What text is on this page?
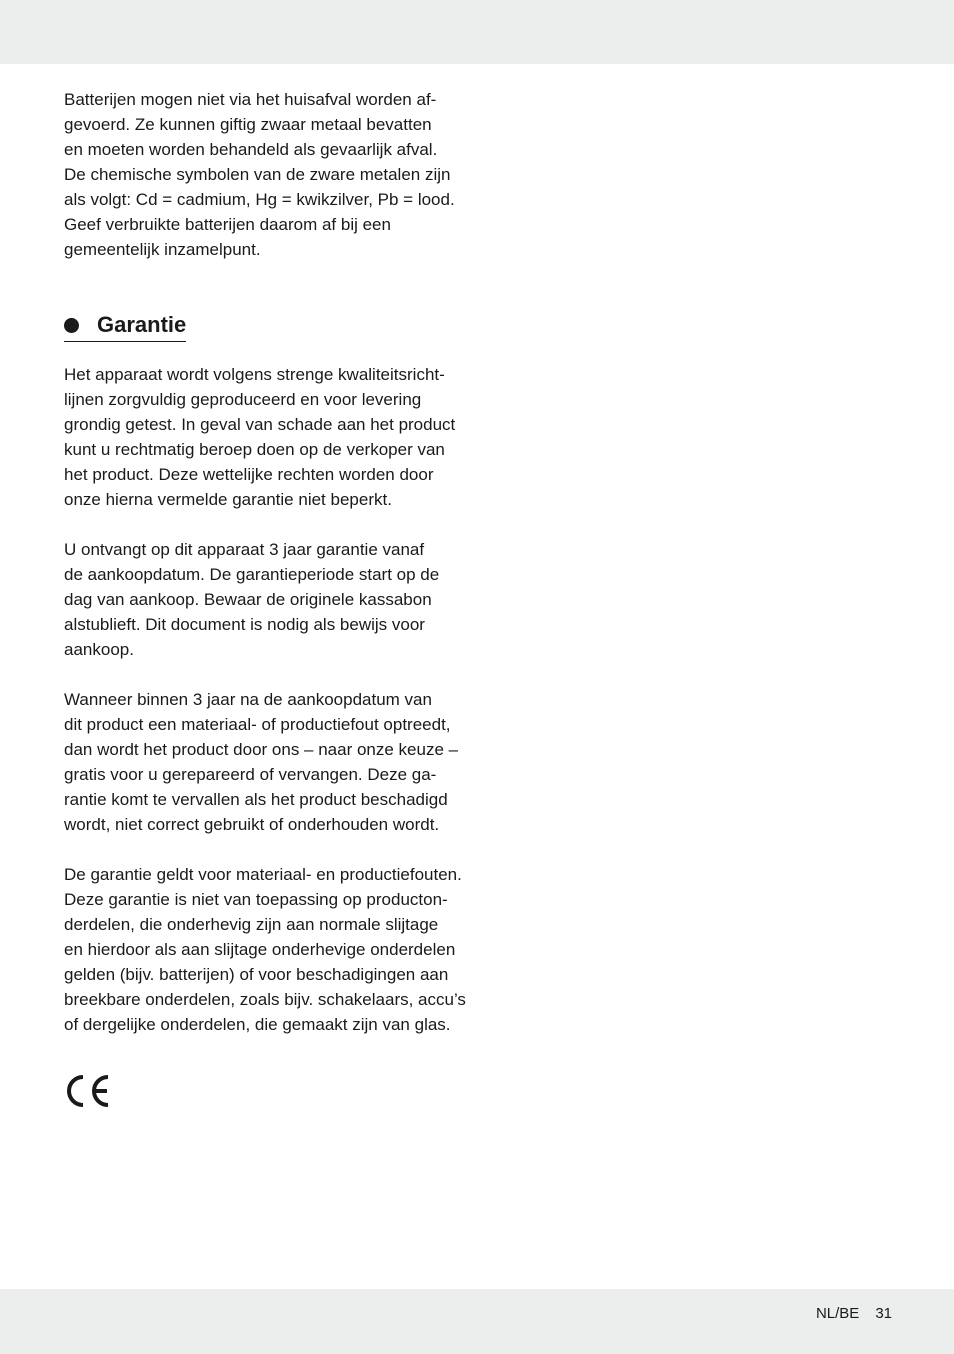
Batterijen mogen niet via het huisafval worden af-
gevoerd. Ze kunnen giftig zwaar metaal bevatten
en moeten worden behandeld als gevaarlijk afval.
De chemische symbolen van de zware metalen zijn
als volgt: Cd = cadmium, Hg = kwikzilver, Pb = lood.
Geef verbruikte batterijen daarom af bij een
gemeentelijk inzamelpunt.

Garantie

Het apparaat wordt volgens strenge kwaliteitsricht-
lijnen zorgvuldig geproduceerd en voor levering
grondig getest. In geval van schade aan het product
kunt u rechtmatig beroep doen op de verkoper van
het product. Deze wettelijke rechten worden door
onze hierna vermelde garantie niet beperkt.

U ontvangt op dit apparaat 3 jaar garantie vanaf
de aankoopdatum. De garantieperiode start op de
dag van aankoop. Bewaar de originele kassabon
alstublieft. Dit document is nodig als bewijs voor
aankoop.

Wanneer binnen 3 jaar na de aankoopdatum van
dit product een materiaal- of productiefout optreedt,
dan wordt het product door ons – naar onze keuze –
gratis voor u gerepareerd of vervangen. Deze ga-
rantie komt te vervallen als het product beschadigd
wordt, niet correct gebruikt of onderhouden wordt.

De garantie geldt voor materiaal- en productiefouten.
Deze garantie is niet van toepassing op producton-
derdelen, die onderhevig zijn aan normale slijtage
en hierdoor als aan slijtage onderhevige onderdelen
gelden (bijv. batterijen) of voor beschadigingen aan
breekbare onderdelen, zoals bijv. schakelaars, accu’s
of dergelijke onderdelen, die gemaakt zijn van glas.

NL/BE 31
